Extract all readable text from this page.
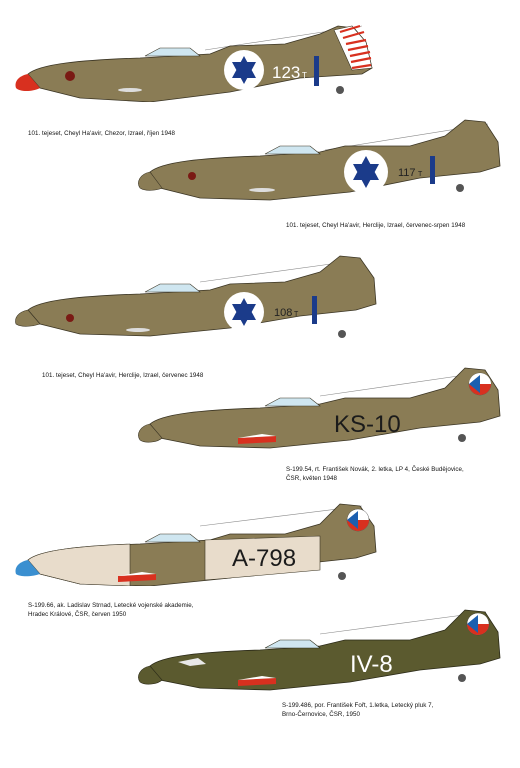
123 T
101. tejeset, Cheyl Ha'avir, Chezor, Izrael, říjen 1948
117 T
101. tejeset, Cheyl Ha'avir, Herclije, Izrael, červenec-srpen 1948
108 T
101. tejeset, Cheyl Ha'avir, Herclije, Izrael, červenec 1948
KS-10
S-199.54, rt. František Novák, 2. letka, LP 4, České Budějovice,
ČSR, květen 1948
A-798
S-199.66, ak. Ladislav Strnad, Letecké vojenské akademie,
Hradec Králové, ČSR, červen 1950
IV-8
S-199.486, por. František Fořt, 1.letka, Letecký pluk 7,
Brno-Černovice, ČSR, 1950
